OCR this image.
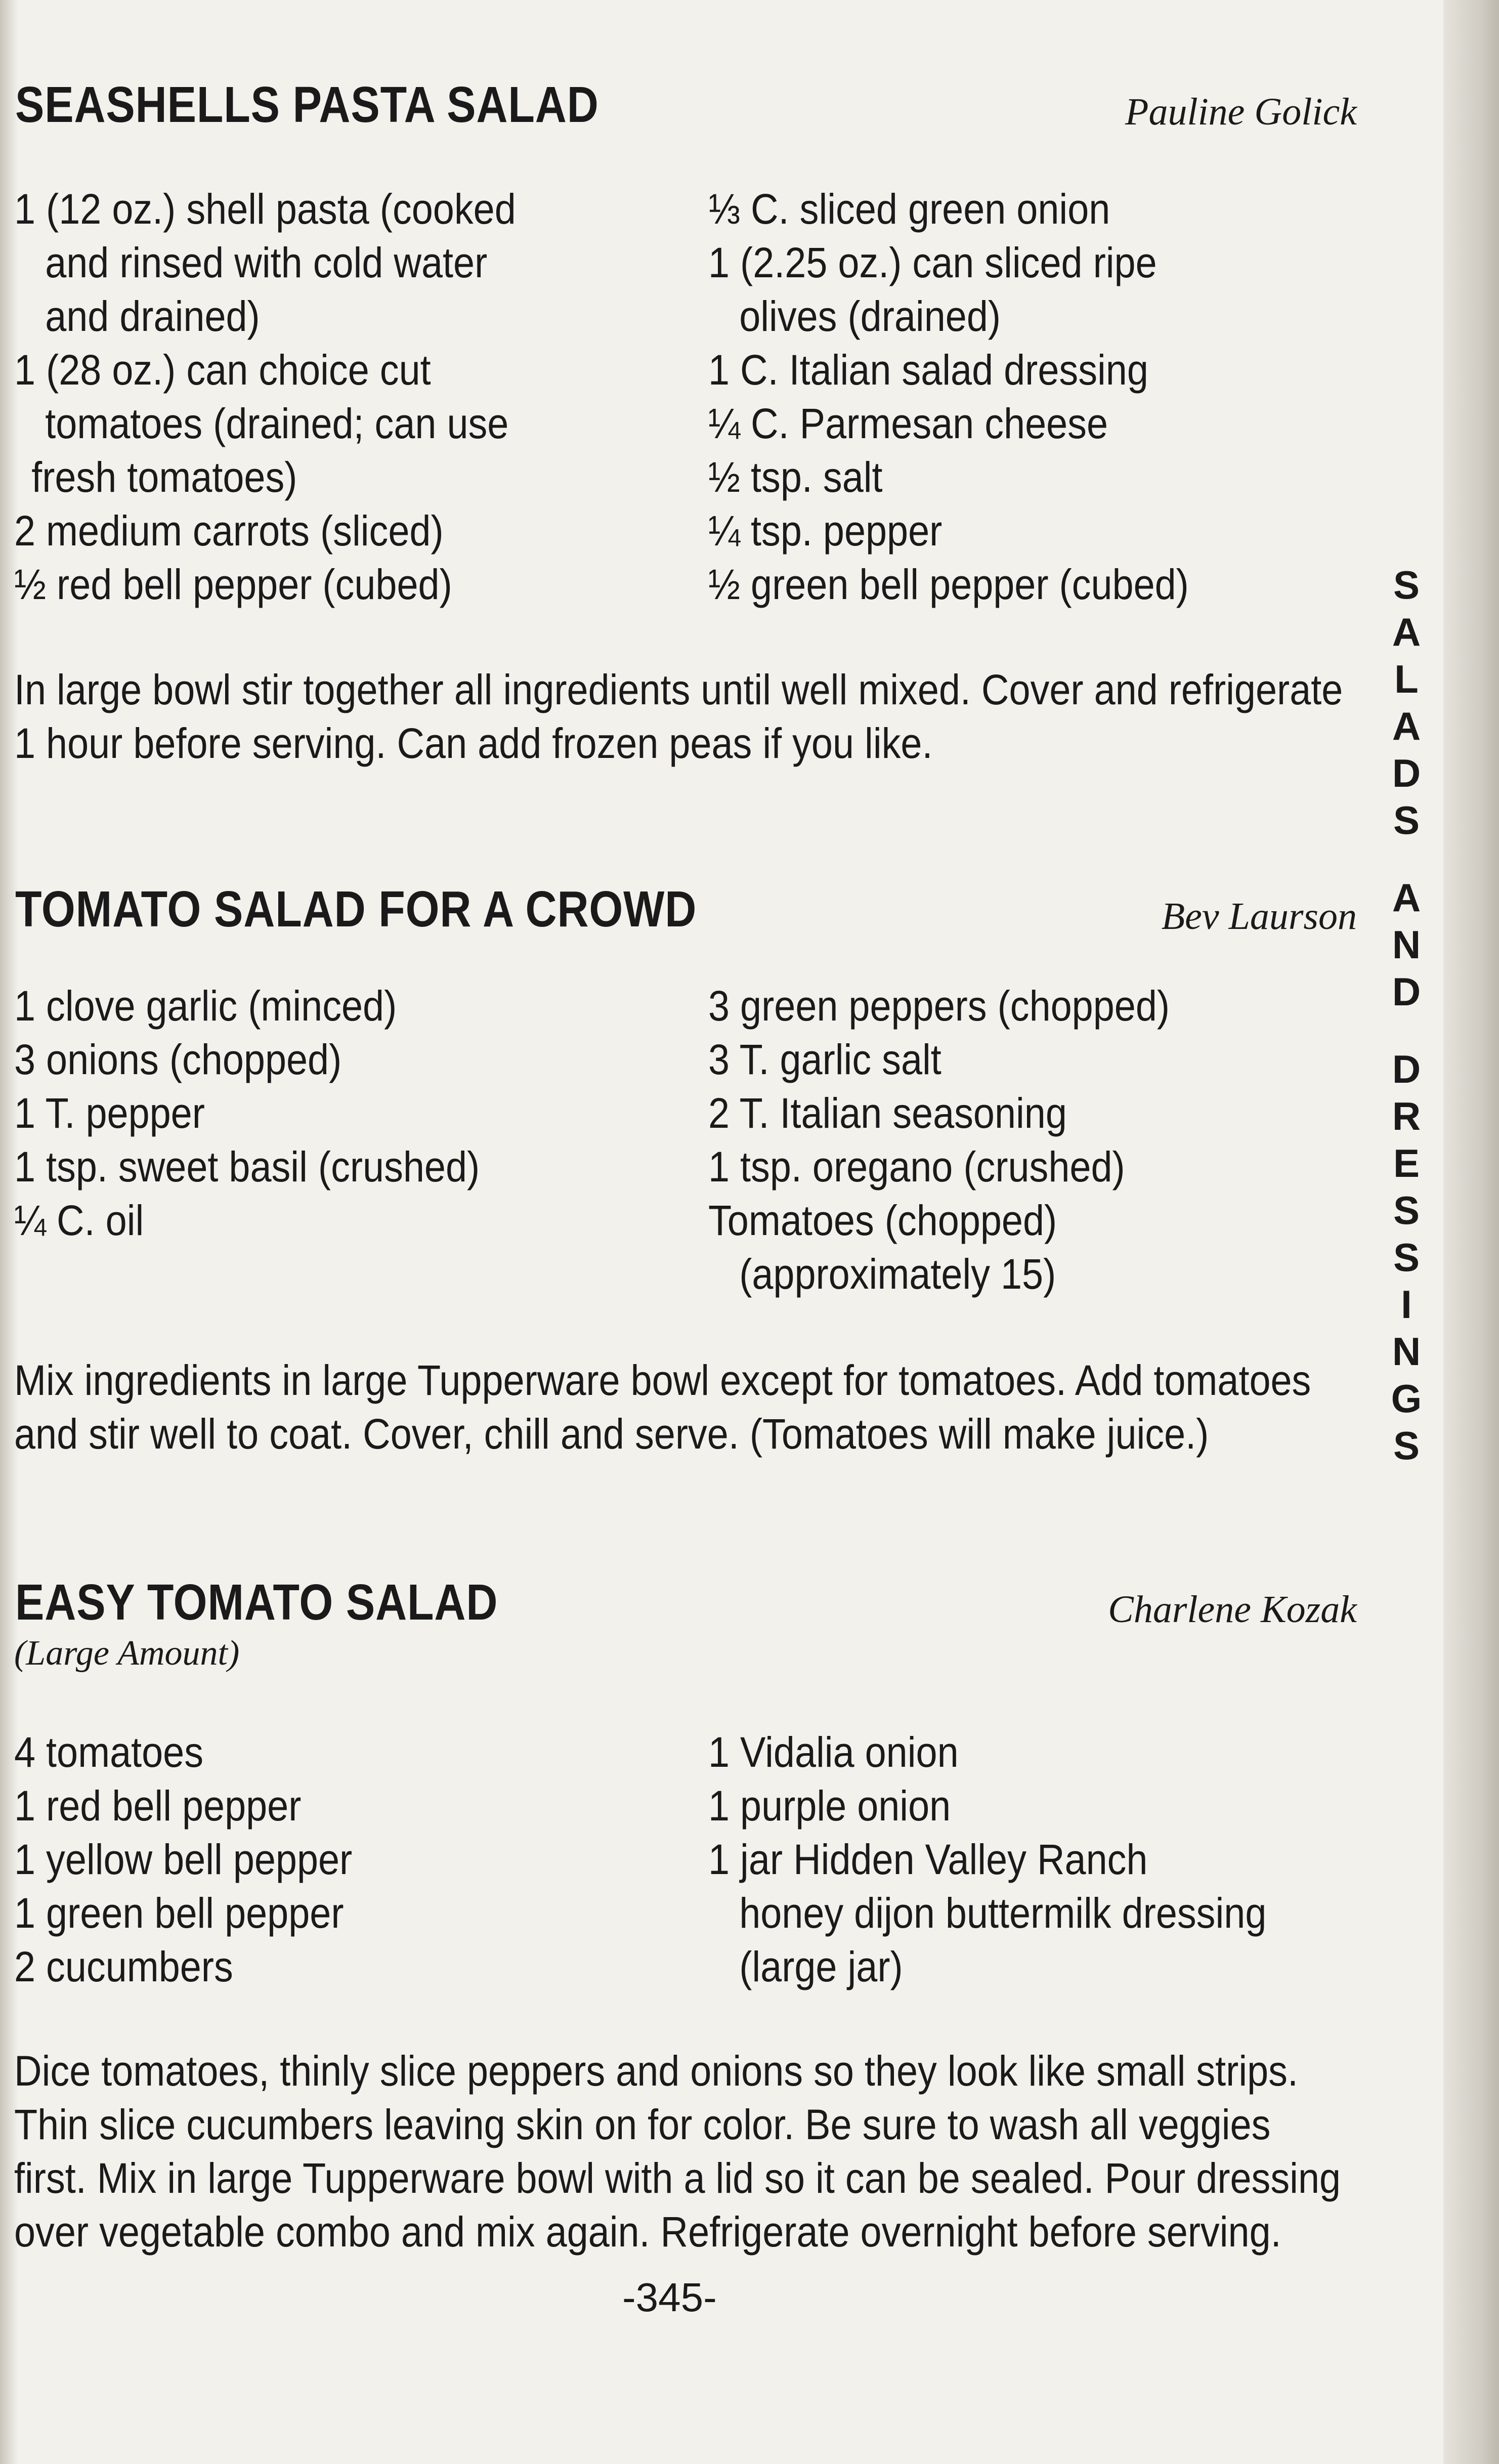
SEASHELLS PASTA SALAD	Pauline Golick
1 (12 oz.) shell pasta (cooked
and rinsed with cold water
and drained)
1 (28 oz.) can choice cut
tomatoes (drained; can use
fresh tomatoes)
2 medium carrots (sliced)
½ red bell pepper (cubed)
⅓ C. sliced green onion
1 (2.25 oz.) can sliced ripe
olives (drained)
1 C. Italian salad dressing
¼ C. Parmesan cheese
½ tsp. salt
¼ tsp. pepper
½ green bell pepper (cubed)

In large bowl stir together all ingredients until well mixed. Cover and refrigerate
1 hour before serving. Can add frozen peas if you like.

TOMATO SALAD FOR A CROWD	Bev Laurson
1 clove garlic (minced)
3 onions (chopped)
1 T. pepper
1 tsp. sweet basil (crushed)
¼ C. oil
3 green peppers (chopped)
3 T. garlic salt
2 T. Italian seasoning
1 tsp. oregano (crushed)
Tomatoes (chopped)
(approximately 15)

Mix ingredients in large Tupperware bowl except for tomatoes. Add tomatoes
and stir well to coat. Cover, chill and serve. (Tomatoes will make juice.)

EASY TOMATO SALAD	Charlene Kozak
(Large Amount)
4 tomatoes
1 red bell pepper
1 yellow bell pepper
1 green bell pepper
2 cucumbers
1 Vidalia onion
1 purple onion
1 jar Hidden Valley Ranch
honey dijon buttermilk dressing
(large jar)

Dice tomatoes, thinly slice peppers and onions so they look like small strips.
Thin slice cucumbers leaving skin on for color. Be sure to wash all veggies
first. Mix in large Tupperware bowl with a lid so it can be sealed. Pour dressing
over vegetable combo and mix again. Refrigerate overnight before serving.

S
A
L
A
D
S
A
N
D
D
R
E
S
S
I
N
G
S
-345-
